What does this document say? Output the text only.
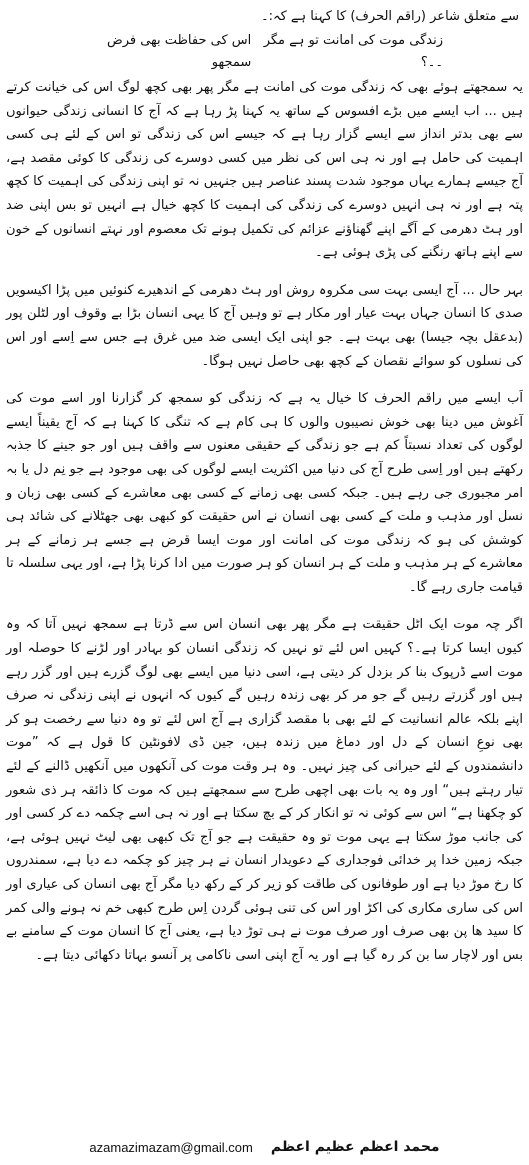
سے متعلق شاعر (راقم الحرف) کا کہنا ہے کہ:۔
زندگی موت کی امانت تو ہے مگر ۔۔؟
اس کی حفاظت بھی فرض سمجھو

یہ سمجھتے ہوئے بھی کہ زندگی موت کی امانت ہے مگر پھر بھی کچھ لوگ اس کی خیانت کرتے ہیں ... اب ایسے میں بڑے افسوس کے ساتھ یہ کہنا پڑ رہا ہے کہ آج کا انسانی زندگی حیوانوں سے بھی بدتر انداز سے ایسے گزار رہا ہے کہ جیسے اس کی زندگی تو اس کے لئے ہی کسی اہمیت کی حامل ہے اور نہ ہی اس کی نظر میں کسی دوسرے کی زندگی کا کوئی مقصد ہے، آج جیسے ہمارے یہاں موجود شدت پسند عناصر ہیں جنہیں نہ تو اپنی زندگی کی اہمیت کا کچھ پتہ ہے اور نہ ہی انہیں دوسرے کی زندگی کی اہمیت کا کچھ خیال ہے انہیں تو بس اپنی ضد اور ہٹ دھرمی کے آگے اپنے گھناؤنے عزائم کی تکمیل ہونے تک معصوم اور نہتے انسانوں کے خون سے اپنے ہاتھ رنگنے کی پڑی ہوئی ہے۔

بہر حال ... آج ایسی بہت سی مکروہ روش اور ہٹ دھرمی کے اندھیرے کنوئیں میں پڑا اکیسویں صدی کا انسان جہاں بہت عیار اور مکار ہے تو وہیں آج کا یہی انسان بڑا بے وقوف اور لٹلن پور (بدعقل بچہ جیسا) بھی بہت ہے۔ جو اپنی ایک ایسی ضد میں غرق ہے جس سے اِسے اور اس کی نسلوں کو سوائے نقصان کے کچھ بھی حاصل نہیں ہوگا۔

اَب ایسے میں راقم الحرف کا خیال یہ ہے کہ زندگی کو سمجھ کر گزارنا اور اسے موت کی آغوش میں دینا بھی خوش نصیبوں والوں کا ہی کام ہے کہ تنگی کا کہنا ہے کہ آج یقیناً ایسے لوگوں کی تعداد نسبتاً کم ہے جو زندگی کے حقیقی معنوں سے واقف ہیں اور جو جینے کا جذبہ رکھتے ہیں اور اِسی طرح آج کی دنیا میں اکثریت ایسے لوگوں کی بھی موجود ہے جو نِم دل یا بہ امر مجبوری جی رہے ہیں۔ جبکہ کسی بھی زمانے کے کسی بھی معاشرے کے کسی بھی زبان و نسل اور مذہب و ملت کے کسی بھی انسان نے اس حقیقت کو کبھی بھی جھٹلانے کی شائد ہی کوشش کی ہو کہ زندگی موت کی امانت اور موت ایسا قرض ہے جسے ہر زمانے کے ہر معاشرے کے ہر مذہب و ملت کے ہر انسان کو ہر صورت میں ادا کرنا پڑا ہے، اور یہی سلسلہ تا قیامت جاری رہے گا۔

اگر چہ موت ایک اٹل حقیقت ہے مگر پھر بھی انسان اس سے ڈرتا ہے سمجھ نہیں آتا کہ وہ کیوں ایسا کرتا ہے۔؟ کہیں اس لئے تو نہیں کہ زندگی انسان کو بہادر اور لڑنے کا حوصلہ اور موت اسے ڈرپوک بنا کر بزدل کر دیتی ہے، اسی دنیا میں ایسے بھی لوگ گزرے ہیں اور گزر رہے ہیں اور گزرتے رہیں گے جو مر کر بھی زندہ رہیں گے کیوں کہ انہوں نے اپنی زندگی نہ صرف اپنے بلکہ عالم انسانیت کے لئے بھی با مقصد گزاری ہے آج اس لئے تو وہ دنیا سے رخصت ہو کر بھی نوعِ انسان کے دل اور دماغ میں زندہ ہیں، جین ڈی لافونٹین کا قول ہے کہ ”موت دانشمندوں کے لئے حیرانی کی چیز نہیں۔ وہ ہر وقت موت کی آنکھوں میں آنکھیں ڈالنے کے لئے تیار رہتے ہیں“ اور وہ یہ بات بھی اچھی طرح سے سمجھتے ہیں کہ موت کا ذائقہ ہر ذی شعور کو چکھنا ہے“ اس سے کوئی نہ تو انکار کر کے بچ سکتا ہے اور نہ ہی اسے چکمہ دے کر کسی اور کی جانب موڑ سکتا ہے یہی موت تو وہ حقیقت ہے جو آج تک کبھی بھی لیٹ نہیں ہوئی ہے، جبکہ زمین خدا پر خدائی فوجداری کے دعویدار انسان نے ہر چیز کو چکمہ دے دیا ہے، سمندروں کا رخ موڑ دیا ہے اور طوفانوں کی طاقت کو زیر کر کے رکھ دیا مگر آج بھی انسان کی عیاری اور اس کی ساری مکاری کی اکڑ اور اس کی تنی ہوئی گردن اِس طرح کبھی خم نہ ہونے والی کمر کا سید ھا پن بھی صرف اور صرف موت نے ہی توڑ دیا ہے، یعنی آج کا انسان موت کے سامنے بے بس اور لاچار سا بن کر رہ گیا ہے اور یہ آج اپنی اسی ناکامی پر آنسو بہاتا دکھائی دیتا ہے۔

azamazimazam@gmail.com محمد اعظم عظیم اعظم
